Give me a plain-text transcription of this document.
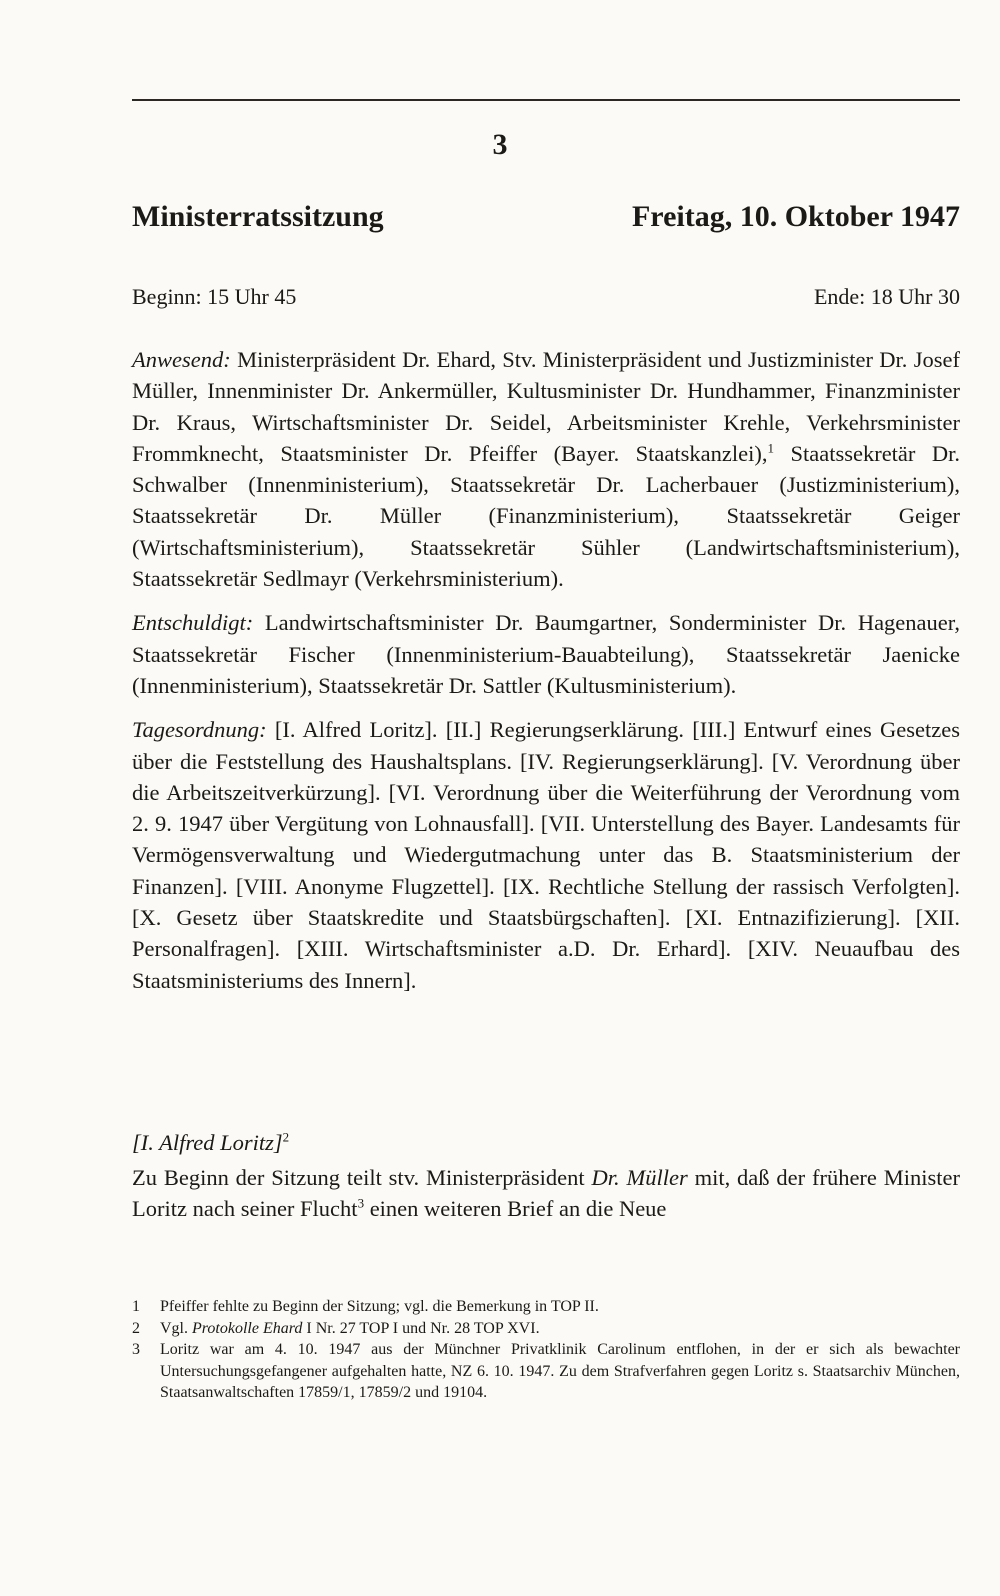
3
Ministerratssitzung	Freitag, 10. Oktober 1947
Beginn: 15 Uhr 45	Ende: 18 Uhr 30

Anwesend: Ministerpräsident Dr. Ehard, Stv. Ministerpräsident und Justizminister Dr. Josef Müller, Innenminister Dr. Ankermüller, Kultusminister Dr. Hundhammer, Finanzminister Dr. Kraus, Wirtschaftsminister Dr. Seidel, Arbeitsminister Krehle, Verkehrsminister Frommknecht, Staatsminister Dr. Pfeiffer (Bayer. Staatskanzlei),$^1$ Staatssekretär Dr. Schwalber (Innenministerium), Staatssekretär Dr. Lacherbauer (Justizministerium), Staatssekretär Dr. Müller (Finanzministerium), Staatssekretär Geiger (Wirtschaftsministerium), Staatssekretär Sühler (Landwirtschaftsministerium), Staatssekretär Sedlmayr (Verkehrsministerium).

Entschuldigt: Landwirtschaftsminister Dr. Baumgartner, Sonderminister Dr. Hagenauer, Staatssekretär Fischer (Innenministerium-Bauabteilung), Staatssekretär Jaenicke (Innenministerium), Staatssekretär Dr. Sattler (Kultusministerium).

Tagesordnung: [I. Alfred Loritz]. [II.] Regierungserklärung. [III.] Entwurf eines Gesetzes über die Feststellung des Haushaltsplans. [IV. Regierungserklärung]. [V. Verordnung über die Arbeitszeitverkürzung]. [VI. Verordnung über die Weiterführung der Verordnung vom 2. 9. 1947 über Vergütung von Lohnausfall]. [VII. Unterstellung des Bayer. Landesamts für Vermögensverwaltung und Wiedergutmachung unter das B. Staatsministerium der Finanzen]. [VIII. Anonyme Flugzettel]. [IX. Rechtliche Stellung der rassisch Verfolgten]. [X. Gesetz über Staatskredite und Staatsbürgschaften]. [XI. Entnazifizierung]. [XII. Personalfragen]. [XIII. Wirtschaftsminister a.D. Dr. Erhard]. [XIV. Neuaufbau des Staatsministeriums des Innern].

[I. Alfred Loritz]$^2$
Zu Beginn der Sitzung teilt stv. Ministerpräsident Dr. Müller mit, daß der frühere Minister Loritz nach seiner Flucht$^3$ einen weiteren Brief an die Neue
1	Pfeiffer fehlte zu Beginn der Sitzung; vgl. die Bemerkung in TOP II.
2	Vgl. Protokolle Ehard I Nr. 27 TOP I und Nr. 28 TOP XVI.
3	Loritz war am 4. 10. 1947 aus der Münchner Privatklinik Carolinum entflohen, in der er sich als bewachter Untersuchungsgefangener aufgehalten hatte, NZ 6. 10. 1947. Zu dem Strafverfahren gegen Loritz s. Staatsarchiv München, Staatsanwaltschaften 17859/1, 17859/2 und 19104.
